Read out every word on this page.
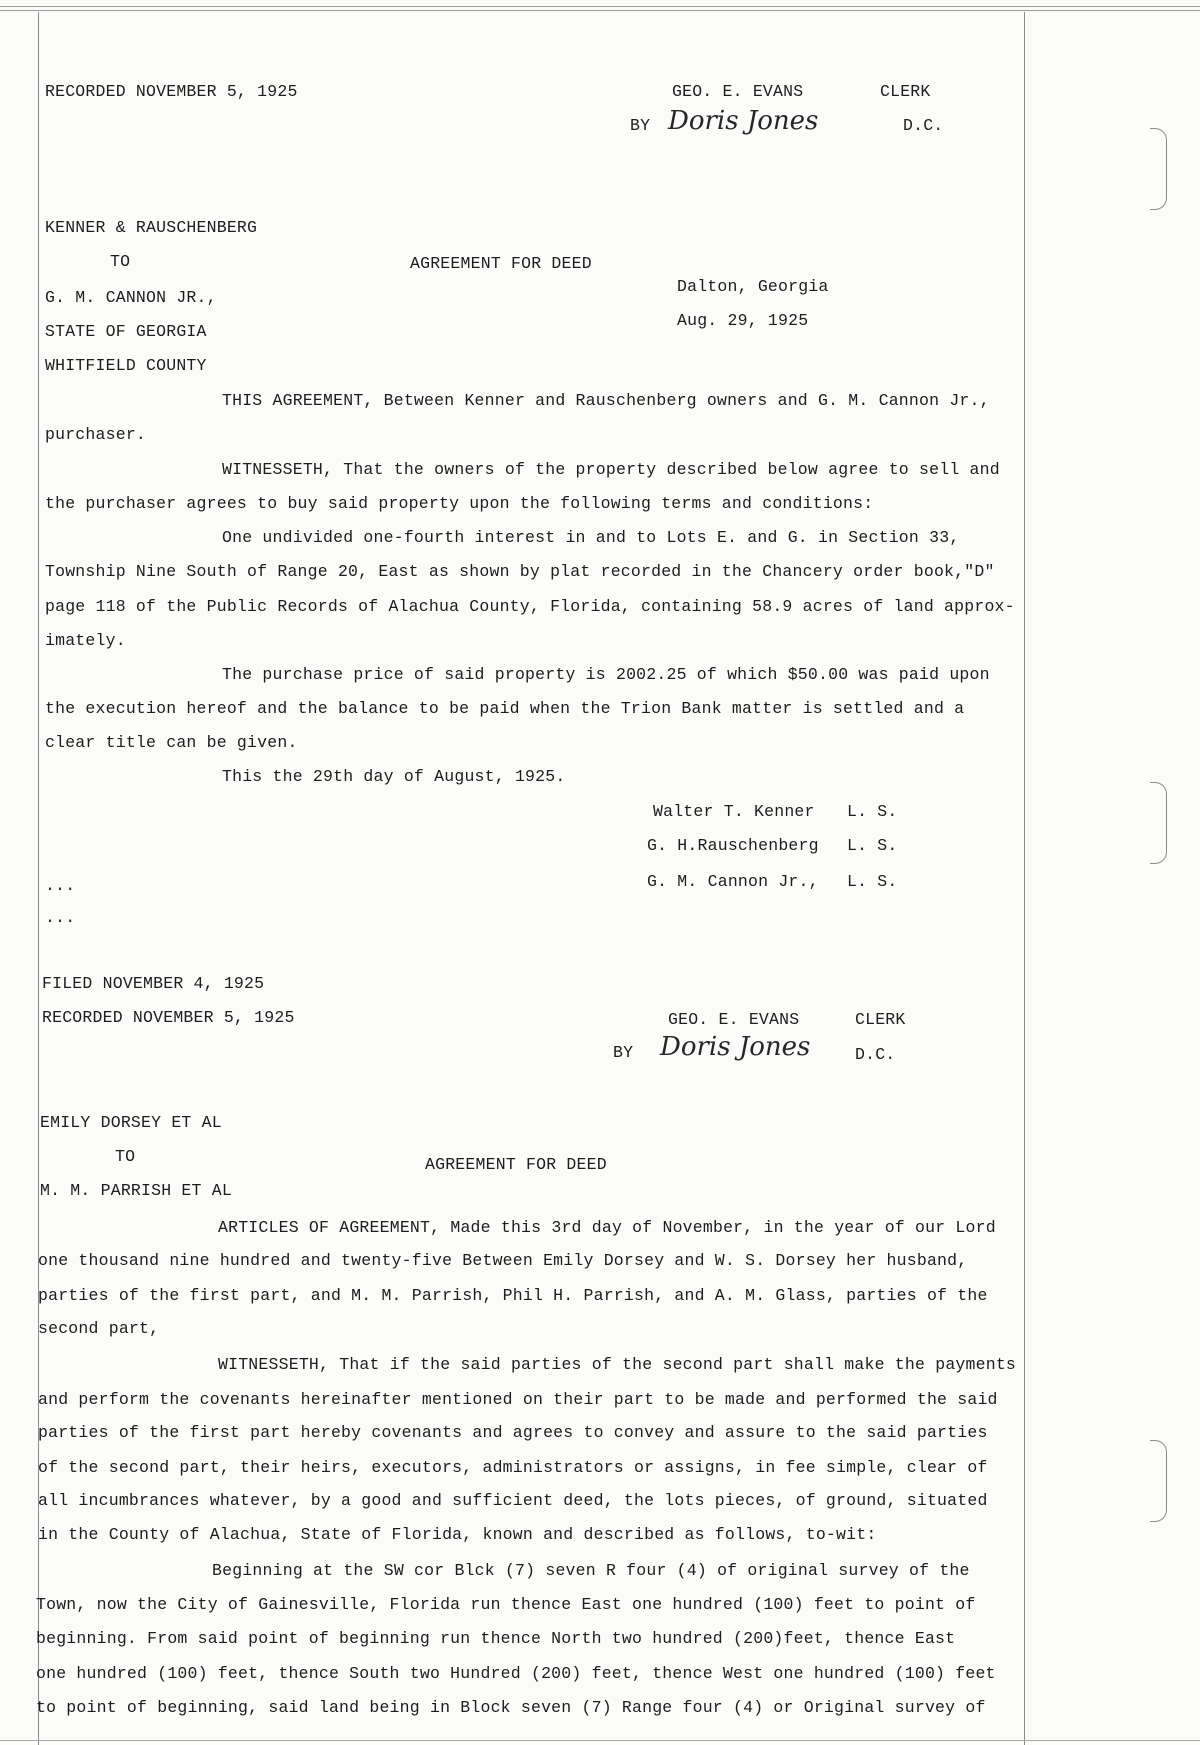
RECORDED NOVEMBER 5, 1925	GEO. E. EVANS	CLERK
BY Doris Jones	D.C.
KENNER & RAUSCHENBERG
TO	AGREEMENT FOR DEED
G. M. CANNON JR.,
Dalton, Georgia
Aug. 29, 1925
STATE OF GEORGIA
WHITFIELD COUNTY
THIS AGREEMENT, Between Kenner and Rauschenberg owners and G. M. Cannon Jr.,
purchaser.
WITNESSETH, That the owners of the property described below agree to sell and
the purchaser agrees to buy said property upon the following terms and conditions:
One undivided one-fourth interest in and to Lots E. and G. in Section 33,
Township Nine South of Range 20, East as shown by plat recorded in the Chancery order book,"D"
page 118 of the Public Records of Alachua County, Florida, containing 58.9 acres of land approx-
imately.
The purchase price of said property is 2002.25 of which $50.00 was paid upon
the execution hereof and the balance to be paid when the Trion Bank matter is settled and a
clear title can be given.
This the 29th day of August, 1925.
Walter T. Kenner L. S.
G. H.Rauschenberg L. S.
G. M. Cannon Jr., L. S.
...
...
FILED NOVEMBER 4, 1925
RECORDED NOVEMBER 5, 1925	GEO. E. EVANS	CLERK
BY Doris Jones	D.C.
EMILY DORSEY ET AL
TO	AGREEMENT FOR DEED
M. M. PARRISH ET AL
ARTICLES OF AGREEMENT, Made this 3rd day of November, in the year of our Lord
one thousand nine hundred and twenty-five Between Emily Dorsey and W. S. Dorsey her husband,
parties of the first part, and M. M. Parrish, Phil H. Parrish, and A. M. Glass, parties of the
second part,
WITNESSETH, That if the said parties of the second part shall make the payments
and perform the covenants hereinafter mentioned on their part to be made and performed the said
parties of the first part hereby covenants and agrees to convey and assure to the said parties
of the second part, their heirs, executors, administrators or assigns, in fee simple, clear of
all incumbrances whatever, by a good and sufficient deed, the lots pieces, of ground, situated
in the County of Alachua, State of Florida, known and described as follows, to-wit:
Beginning at the SW cor Blck (7) seven R four (4) of original survey of the
Town, now the City of Gainesville, Florida run thence East one hundred (100) feet to point of
beginning. From said point of beginning run thence North two hundred (200)feet, thence East
one hundred (100) feet, thence South two Hundred (200) feet, thence West one hundred (100) feet
to point of beginning, said land being in Block seven (7) Range four (4) or Original survey of
